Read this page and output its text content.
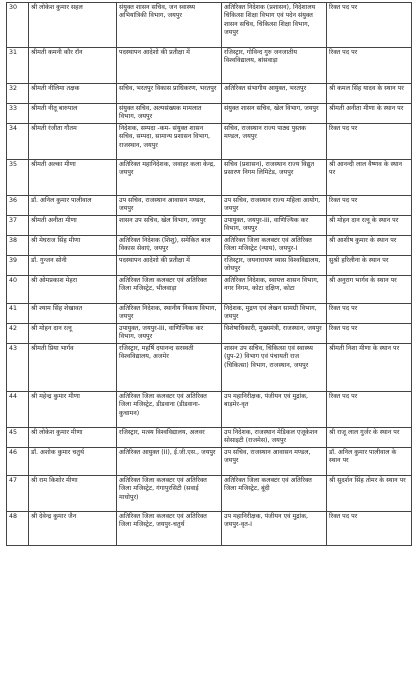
30	श्री लोकेश कुमार सहल	संयुक्त शासन सचिव, जन स्वास्थ्य अभियांत्रिकी विभाग, जयपुर	अतिरिक्त निदेशक (प्रशासन), निदेशालय चिकित्सा शिक्षा विभाग एवं पदेन संयुक्त शासन सचिव, चिकित्सा शिक्षा विभाग, जयपुर	रिक्त पद पर
31	श्रीमती कमनी कौर रॉन	पदस्थापन आदेशो की प्रतीक्षा में	रजिस्ट्रार, गोविन्द गुरु जनजातीय विश्वविद्यालय, बांसवाड़ा	रिक्त पद पर
32	श्रीमती नीलिमा तक्षक	सचिव, भरतपुर विकास प्राधिकरण, भरतपुर	अतिरिक्त संभागीय आयुक्त, भरतपुर	श्री कमल सिंह यादव के स्थान पर
33	श्रीमती नीतू बारुपाल	संयुक्त सचिव, अल्पसंख्यक मामलात विभाग, जयपुर	संयुक्त शासन सचिव, खेल विभाग, जयपुर	श्रीमती अनीता मीणा के स्थान पर
34	श्रीमती रंजीता गौतम	निदेशक, सम्पदा -कम- संयुक्त शासन सचिव, सम्पदा, सामान्य प्रशासन विभाग, राजस्थान, जयपुर	सचिव, राजस्थान राज्य पाठ्य पुस्तक मण्डल, जयपुर	रिक्त पद पर
35	श्रीमती अल्का मीणा	अतिरिक्त महानिदेशक, जवाहर कला केन्द्र, जयपुर	सचिव (प्रशासन), राजस्थान राज्य विद्युत प्रसारण निगम लिमिटेड, जयपुर	श्री आनन्दी लाल वैष्णव के स्थान पर
36	डॉ. अनिल कुमार पालीवाल	उप सचिव, राजस्थान आवासन मण्डल, जयपुर	उप सचिव, राजस्थान राज्य महिला आयोग, जयपुर	रिक्त पद पर
37	श्रीमती अनीता मीणा	शासन उप सचिव, खेल विभाग, जयपुर	उपायुक्त, जयपुर-III, वाणिज्यिक कर विभाग, जयपुर	श्री मोहन दान रत्नू के स्थान पर
38	श्री मेघराज सिंह मीणा	अतिरिक्त निदेशक (शिशु), समेकित बाल विकास सेवाएं, जयपुर	अतिरिक्त जिला कलक्टर एवं अतिरिक्त जिला मजिस्ट्रेट (न्याय), जयपुर-I	श्री आशीष कुमार के स्थान पर
39	डॉ. गुन्जन सोनी	पदस्थापन आदेशो की प्रतीक्षा में	रजिस्ट्रार, जयनारायण व्यास विश्वविद्यालय, जोधपुर	सुश्री हरिलीना के स्थान पर
40	श्री ओमप्रकाश मेहरा	अतिरिक्त जिला कलक्टर एवं अतिरिक्त जिला मजिस्ट्रेट, भीलवाड़ा	अतिरिक्त निदेशक, स्वायत्त शासन विभाग, नगर निगम, कोटा दक्षिण, कोटा	श्री अनुराग भार्गव के स्थान पर
41	श्री श्याम सिंह शेखावत	अतिरिक्त निदेशक, स्थानीय निकाय विभाग, जयपुर	निदेशक, मुद्रण एवं लेखन सामग्री विभाग, जयपुर	रिक्त पद पर
42	श्री मोहन दान रत्नू	उपायुक्त, जयपुर-III, वाणिज्यिक कर विभाग, जयपुर	विशेषाधिकारी, मुख्यमंत्री, राजस्थान, जयपुर	रिक्त पद पर
43	श्रीमती प्रिया भार्गव	रजिस्ट्रार, महर्षि दयानन्द सरस्वती विश्वविद्यालय, अजमेर	शासन उप सचिव, चिकित्सा एवं स्वास्थ्य (ग्रुप-2) विभाग एवं पंचायती राज (चिकित्सा) विभाग, राजस्थान, जयपुर	श्रीमती निशा मीणा के स्थान पर
44	श्री महेन्द्र कुमार मीणा	अतिरिक्त जिला कलक्टर एवं अतिरिक्त जिला मजिस्ट्रेट, डीडवाना (डीडवाना-कुचामन)	उप महानिरीक्षक, पंजीयन एवं मुद्रांक, बाड़मेर-वृत	रिक्त पद पर
45	श्री लोकेश कुमार मीणा	रजिस्ट्रार, मत्स्य विश्वविद्यालय, अलवर	उप निदेशक, राजस्थान मेडिकल एजूकेशन सोसाइटी (राजमेस), जयपुर	श्री राजू लाल गुर्जर के स्थान पर
46	डॉ. अशोक कुमार चतुर्थ	अतिरिक्त आयुक्त (II), ई.जी.एस., जयपुर	उप सचिव, राजस्थान आवासन मण्डल, जयपुर	डॉ. अनिल कुमार पालीवाल के स्थान पर
47	श्री राम किशोर मीणा	अतिरिक्त जिला कलक्टर एवं अतिरिक्त जिला मजिस्ट्रेट, गंगापुरसिटी (सवाई माधोपुर)	अतिरिक्त जिला कलक्टर एवं अतिरिक्त जिला मजिस्ट्रेट, बूंदी	श्री सुदर्शन सिंह तोमर के स्थान पर
48	श्री देवेन्द्र कुमार जैन	अतिरिक्त जिला कलक्टर एवं अतिरिक्त जिला मजिस्ट्रेट, जयपुर-चतुर्थ	उप महानिरीक्षक, पंजीयन एवं मुद्रांक, जयपुर-वृत-I	रिक्त पद पर
